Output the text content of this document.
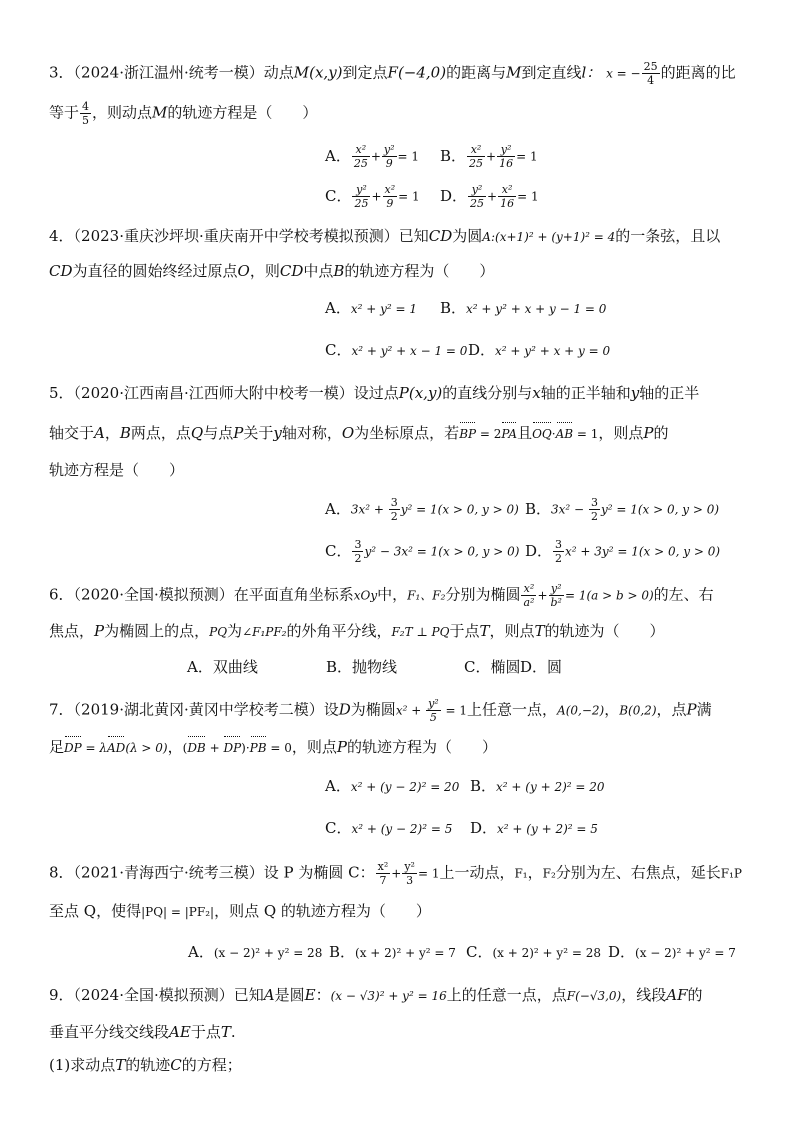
3．（2024·浙江温州·统考一模）动点M(x,y)到定点F(−4,0)的距离与M到定直线l： x = − $\frac{25}{4}$ 的距离的比
等于 $\frac{4}{5}$ ，则动点M的轨迹方程是（　　）
A． $\frac{\text{x²}}{25} + \frac{\text{y²}}{9} = 1$ B． $\frac{\text{x²}}{25} + \frac{\text{y²}}{16} = 1$
C． $\frac{\text{y²}}{25} + \frac{\text{x²}}{9} = 1$ D． $\frac{\text{y²}}{25} + \frac{\text{x²}}{16} = 1$
4．（2023·重庆沙坪坝·重庆南开中学校考模拟预测）已知CD为圆A:(x+1)² + (y+1)² = 4的一条弦，且以
CD为直径的圆始终经过原点O，则CD中点B的轨迹方程为（　　）
A．x² + y² = 1 B．x² + y² + x + y − 1 = 0
C．x² + y² + x − 1 = 0 D．x² + y² + x + y = 0
5．（2020·江西南昌·江西师大附中校考一模）设过点P(x,y)的直线分别与x轴的正半轴和y轴的正半
轴交于A，B两点，点Q与点P关于y轴对称，O为坐标原点，若BP = 2PA且OQ·AB = 1，则点P的
轨迹方程是（　　）
A．$3x^2 + \frac{3}{2} y^2 = 1(x > 0$, y > 0) B．$3x^2 - \frac{3}{2} y^2 = 1(x > 0$, y > 0)
C． $\frac{3}{2} y^2 - 3x^2 = 1(x > 0$, y > 0) D． $\frac{3}{2} x^2 + 3y^2 = 1(x > 0$, y > 0)
6．（2020·全国·模拟预测）在平面直角坐标系xOy中，F₁、F₂分别为椭圆 $\frac{\text{x²}}{\text{a²}} + \frac{\text{y²}}{\text{b²}} = 1(a > b > 0)$的左、右
焦点，P为椭圆上的点，PQ为∠F₁PF₂的外角平分线，F₂T ⊥ PQ于点T，则点T的轨迹为（　　）
A．双曲线	B．抛物线	C．椭圆 D．圆
7．（2019·湖北黄冈·黄冈中学校考二模）设D为椭圆$x^2 + \frac{\text{y²}}{5} = 1$上任意一点，A(0,−2)，B(0,2)，点P满
足DP = λAD(λ > 0)，(DB + DP)·PB = 0，则点P的轨迹方程为（　　）
A．x² + (y − 2)² = 20 B．x² + (y + 2)² = 20
C．x² + (y − 2)² = 5 D．x² + (y + 2)² = 5
8．（2021·青海西宁·统考三模）设 P 为椭圆 C： $\frac{\text{x²}}{7} + \frac{\text{y²}}{3} = 1$上一动点，F₁，F₂分别为左、右焦点，延长F₁P
至点 Q，使得|PQ| = |PF₂|，则点 Q 的轨迹方程为（　　）
A．(x − 2)² + y² = 28 B．(x + 2)² + y² = 7 C．(x + 2)² + y² = 28 D．(x − 2)² + y² = 7
9．（2024·全国·模拟预测）已知A是圆E：(x − √3)² + y² = 16上的任意一点，点F(−√3,0)，线段AF的
垂直平分线交线段AE于点T.
(1)求动点T的轨迹C的方程；
